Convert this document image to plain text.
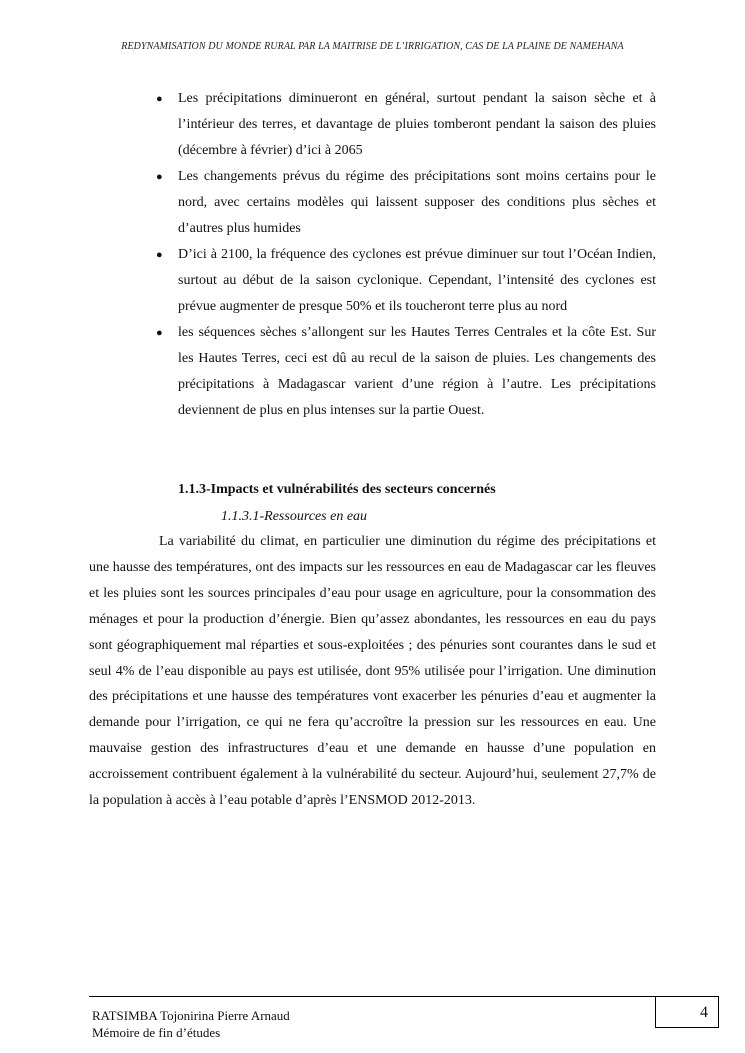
REDYNAMISATION DU MONDE RURAL PAR LA MAITRISE DE L’IRRIGATION, CAS DE LA PLAINE DE NAMEHANA
● Les précipitations diminueront en général, surtout pendant la saison sèche et à l’intérieur des terres, et davantage de pluies tomberont pendant la saison des pluies (décembre à février) d’ici à 2065
● Les changements prévus du régime des précipitations sont moins certains pour le nord, avec certains modèles qui laissent supposer des conditions plus sèches et d’autres plus humides
● D’ici à 2100, la fréquence des cyclones est prévue diminuer sur tout l’Océan Indien, surtout au début de la saison cyclonique. Cependant, l’intensité des cyclones est prévue augmenter de presque 50% et ils toucheront terre plus au nord
● les séquences sèches s’allongent sur les Hautes Terres Centrales et la côte Est. Sur les Hautes Terres, ceci est dû au recul de la saison de pluies. Les changements des précipitations à Madagascar varient d’une région à l’autre. Les précipitations deviennent de plus en plus intenses sur la partie Ouest.
1.1.3-Impacts et vulnérabilités des secteurs concernés
1.1.3.1-Ressources en eau

La variabilité du climat, en particulier une diminution du régime des précipitations et une hausse des températures, ont des impacts sur les ressources en eau de Madagascar car les fleuves et les pluies sont les sources principales d’eau pour usage en agriculture, pour la consommation des ménages et pour la production d’énergie. Bien qu’assez abondantes, les ressources en eau du pays sont géographiquement mal réparties et sous-exploitées ; des pénuries sont courantes dans le sud et seul 4% de l’eau disponible au pays est utilisée, dont 95% utilisée pour l’irrigation. Une diminution des précipitations et une hausse des températures vont exacerber les pénuries d’eau et augmenter la demande pour l’irrigation, ce qui ne fera qu’accroître la pression sur les ressources en eau. Une mauvaise gestion des infrastructures d’eau et une demande en hausse d’une population en accroissement contribuent également à la vulnérabilité du secteur. Aujourd’hui, seulement 27,7% de la population à accès à l’eau potable d’après l’ENSMOD 2012-2013.

4
RATSIMBA Tojonirina Pierre Arnaud
Mémoire de fin d’études
